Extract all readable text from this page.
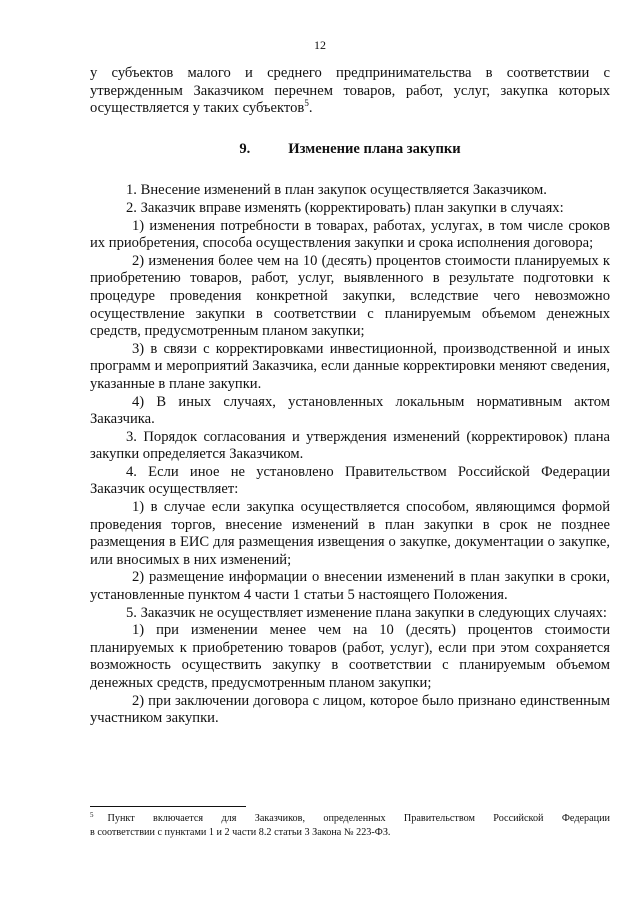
12

у субъектов малого и среднего предпринимательства в соответствии с утвержденным Заказчиком перечнем товаров, работ, услуг, закупка которых осуществляется у таких субъектов$^5$.

9.	Изменение плана закупки

1. Внесение изменений в план закупок осуществляется Заказчиком.

2. Заказчик вправе изменять (корректировать) план закупки в случаях:

1) изменения потребности в товарах, работах, услугах, в том числе сроков их приобретения, способа осуществления закупки и срока исполнения договора;

2) изменения более чем на 10 (десять) процентов стоимости планируемых к приобретению товаров, работ, услуг, выявленного в результате подготовки к процедуре проведения конкретной закупки, вследствие чего невозможно осуществление закупки в соответствии с планируемым объемом денежных средств, предусмотренным планом закупки;

3) в связи с корректировками инвестиционной, производственной и иных программ и мероприятий Заказчика, если данные корректировки меняют сведения, указанные в плане закупки.

4) В иных случаях, установленных локальным нормативным актом Заказчика.

3. Порядок согласования и утверждения изменений (корректировок) плана закупки определяется Заказчиком.

4. Если иное не установлено Правительством Российской Федерации Заказчик осуществляет:

1) в случае если закупка осуществляется способом, являющимся формой проведения торгов, внесение изменений в план закупки в срок не позднее размещения в ЕИС для размещения извещения о закупке, документации о закупке, или вносимых в них изменений;

2) размещение информации о внесении изменений в план закупки в сроки, установленные пунктом 4 части 1 статьи 5 настоящего Положения.

5. Заказчик не осуществляет изменение плана закупки в следующих случаях:

1) при изменении менее чем на 10 (десять) процентов стоимости планируемых к приобретению товаров (работ, услуг), если при этом сохраняется возможность осуществить закупку в соответствии с планируемым объемом денежных средств, предусмотренным планом закупки;

2) при заключении договора с лицом, которое было признано единственным участником закупки.

$^5$ Пункт включается для Заказчиков, определенных Правительством Российской Федерации

в соответствии с пунктами 1 и 2 части 8.2 статьи 3 Закона № 223-ФЗ.
